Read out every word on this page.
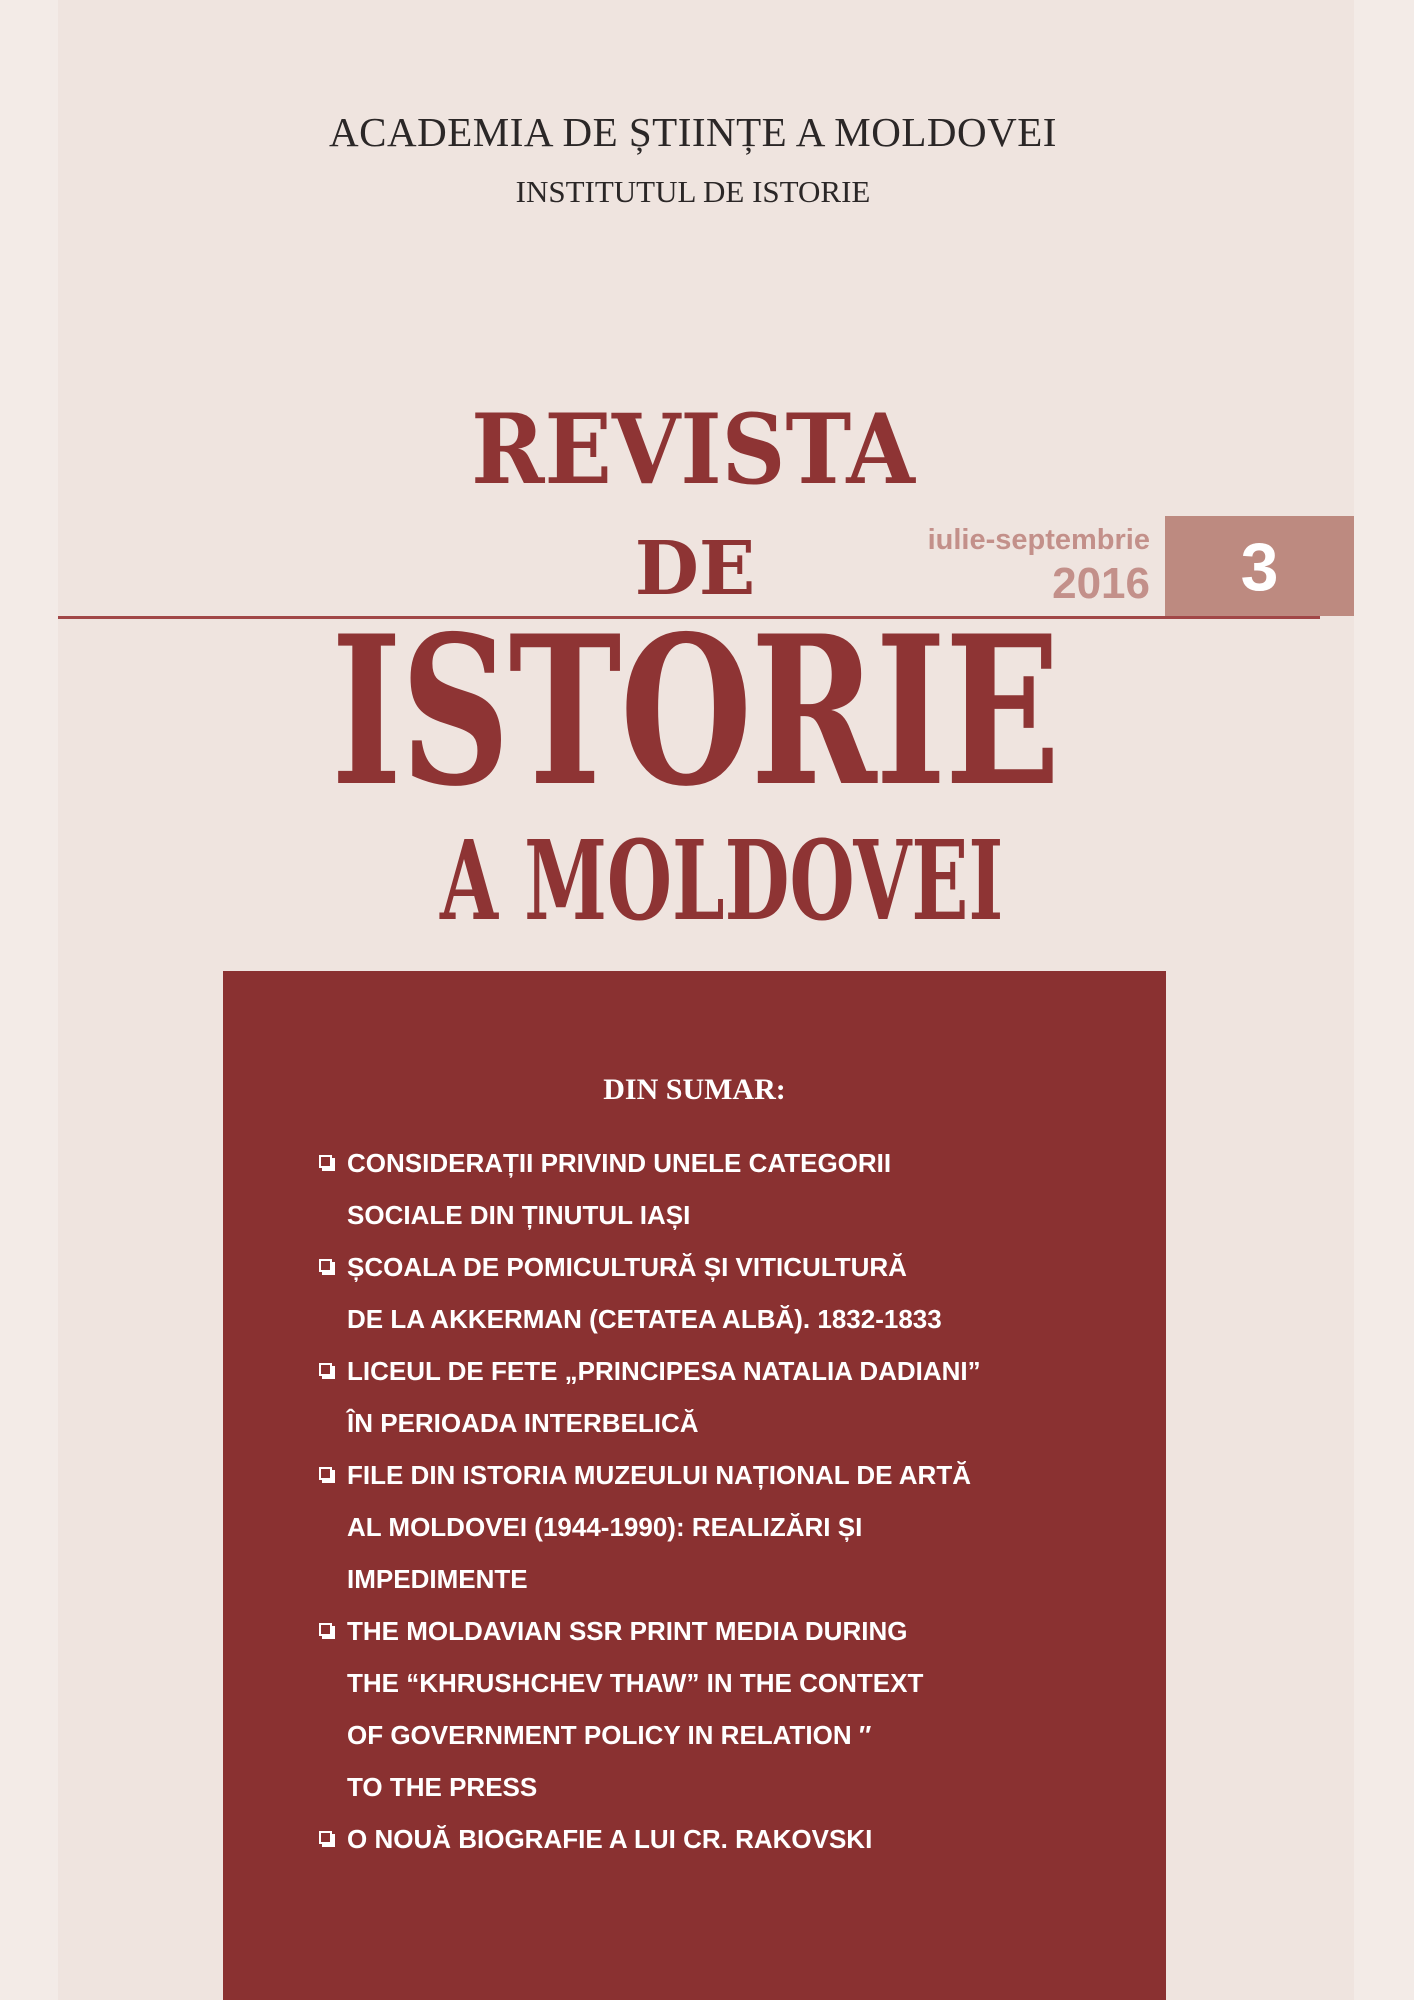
ACADEMIA DE ȘTIINȚE A MOLDOVEI
INSTITUTUL DE ISTORIE
REVISTA
DE	iulie-septembrie
2016	3
ISTORIE
A MOLDOVEI
DIN SUMAR:
CONSIDERAȚII PRIVIND UNELE CATEGORII
SOCIALE DIN ȚINUTUL IAȘI
ȘCOALA DE POMICULTURĂ ȘI VITICULTURĂ
DE LA AKKERMAN (CETATEA ALBĂ). 1832-1833
LICEUL DE FETE „PRINCIPESA NATALIA DADIANI”
ÎN PERIOADA INTERBELICĂ
FILE DIN ISTORIA MUZEULUI NAȚIONAL DE ARTĂ
AL MOLDOVEI (1944-1990): REALIZĂRI ȘI
IMPEDIMENTE
THE MOLDAVIAN SSR PRINT MEDIA DURING
THE “KHRUSHCHEV THAW” IN THE CONTEXT
OF GOVERNMENT POLICY IN RELATION ″
TO THE PRESS
O NOUĂ BIOGRAFIE A LUI CR. RAKOVSKI
